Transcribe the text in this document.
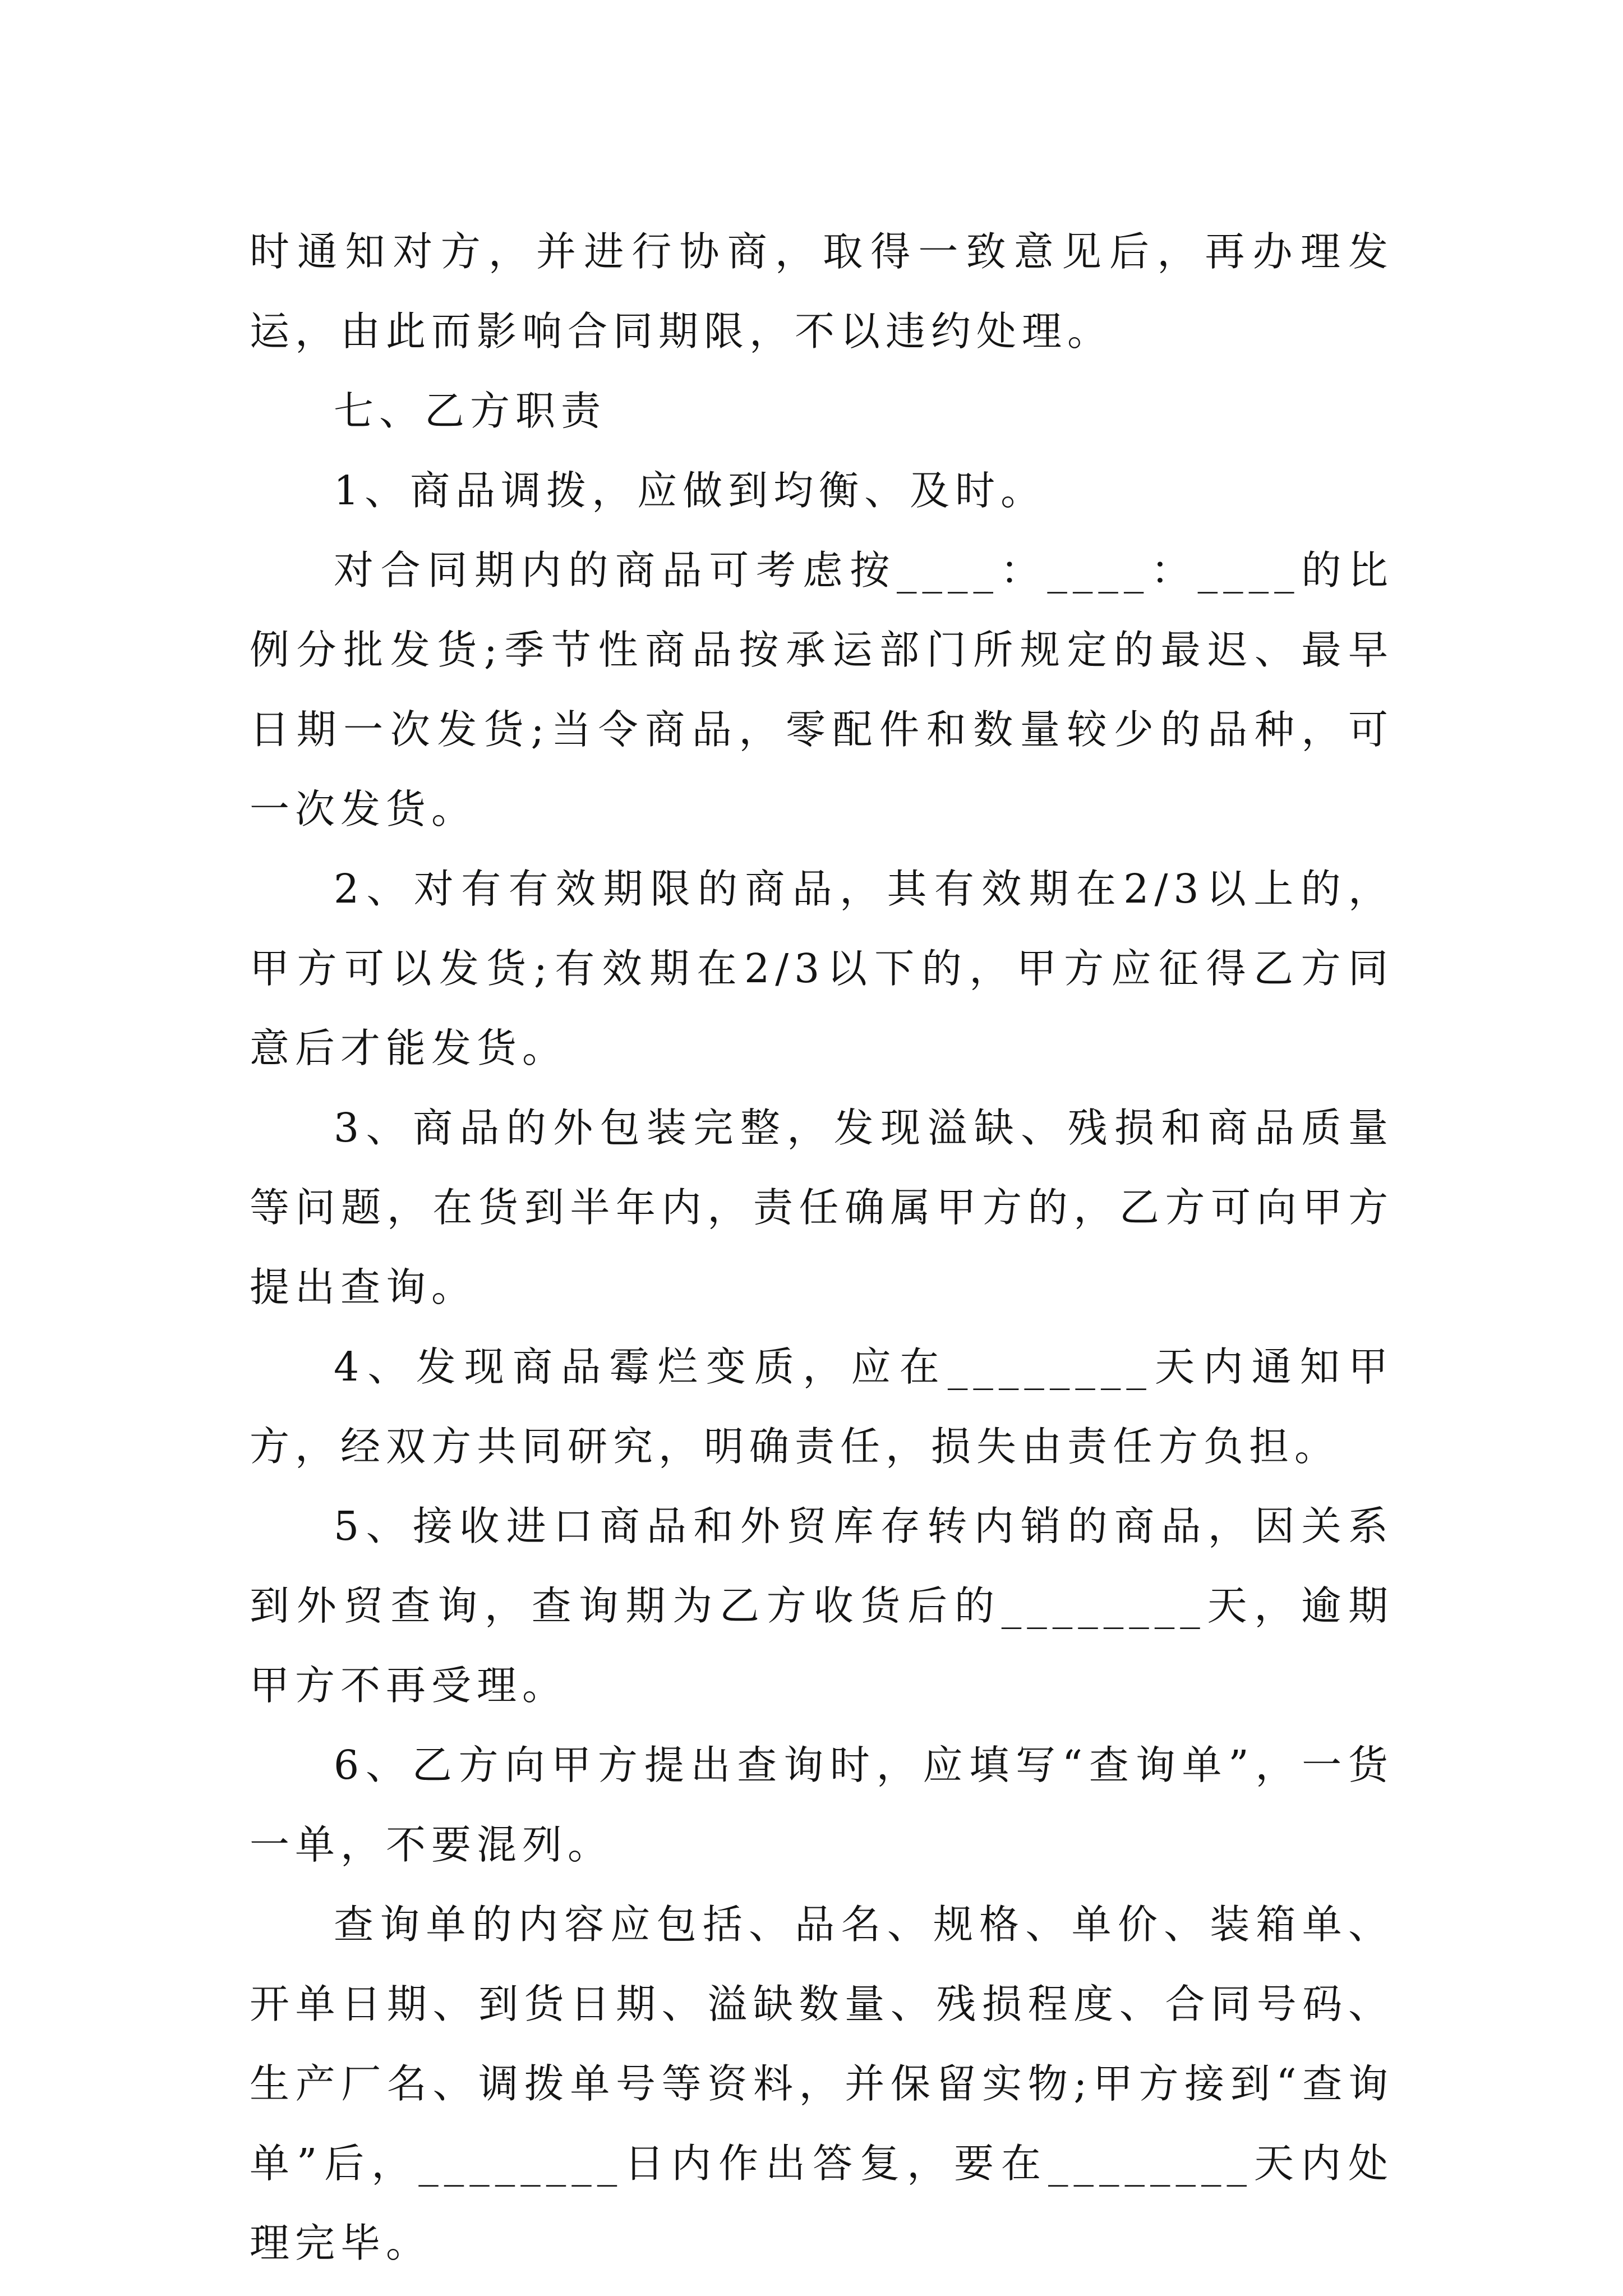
时通知对方，并进行协商，取得一致意见后，再办理发运，由此而影响合同期限，不以违约处理。

七、乙方职责

1、商品调拨，应做到均衡、及时。

对合同期内的商品可考虑按____：____：____的比例分批发货;季节性商品按承运部门所规定的最迟、最早日期一次发货;当令商品，零配件和数量较少的品种，可一次发货。

2、对有有效期限的商品，其有效期在2/3以上的，甲方可以发货;有效期在2/3以下的，甲方应征得乙方同意后才能发货。

3、商品的外包装完整，发现溢缺、残损和商品质量等问题，在货到半年内，责任确属甲方的，乙方可向甲方提出查询。

4、发现商品霉烂变质，应在________天内通知甲方，经双方共同研究，明确责任，损失由责任方负担。

5、接收进口商品和外贸库存转内销的商品，因关系到外贸查询，查询期为乙方收货后的________天，逾期甲方不再受理。

6、乙方向甲方提出查询时，应填写“查询单”，一货一单，不要混列。

查询单的内容应包括、品名、规格、单价、装箱单、开单日期、到货日期、溢缺数量、残损程度、合同号码、生产厂名、调拨单号等资料，并保留实物;甲方接到“查询单”后，________日内作出答复，要在________天内处理完毕。
